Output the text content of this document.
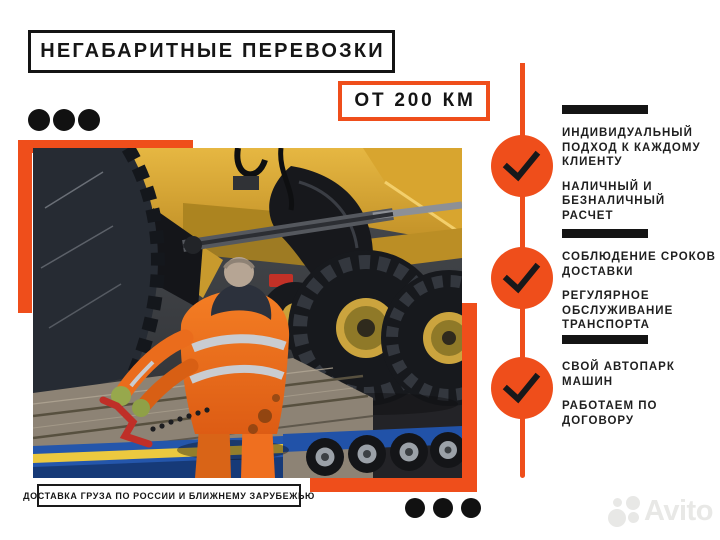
НЕГАБАРИТНЫЕ ПЕРЕВОЗКИ
ОТ 200 КМ
ДОСТАВКА ГРУЗА ПО РОССИИ И БЛИЖНЕМУ ЗАРУБЕЖЬЮ

ИНДИВИДУАЛЬНЫЙ ПОДХОД К КАЖДОМУ КЛИЕНТУ

НАЛИЧНЫЙ И БЕЗНАЛИЧНЫЙ РАСЧЕТ

СОБЛЮДЕНИЕ СРОКОВ ДОСТАВКИ

РЕГУЛЯРНОЕ ОБСЛУЖИВАНИЕ ТРАНСПОРТА

СВОЙ АВТОПАРК МАШИН

РАБОТАЕМ ПО ДОГОВОРУ

Avito
